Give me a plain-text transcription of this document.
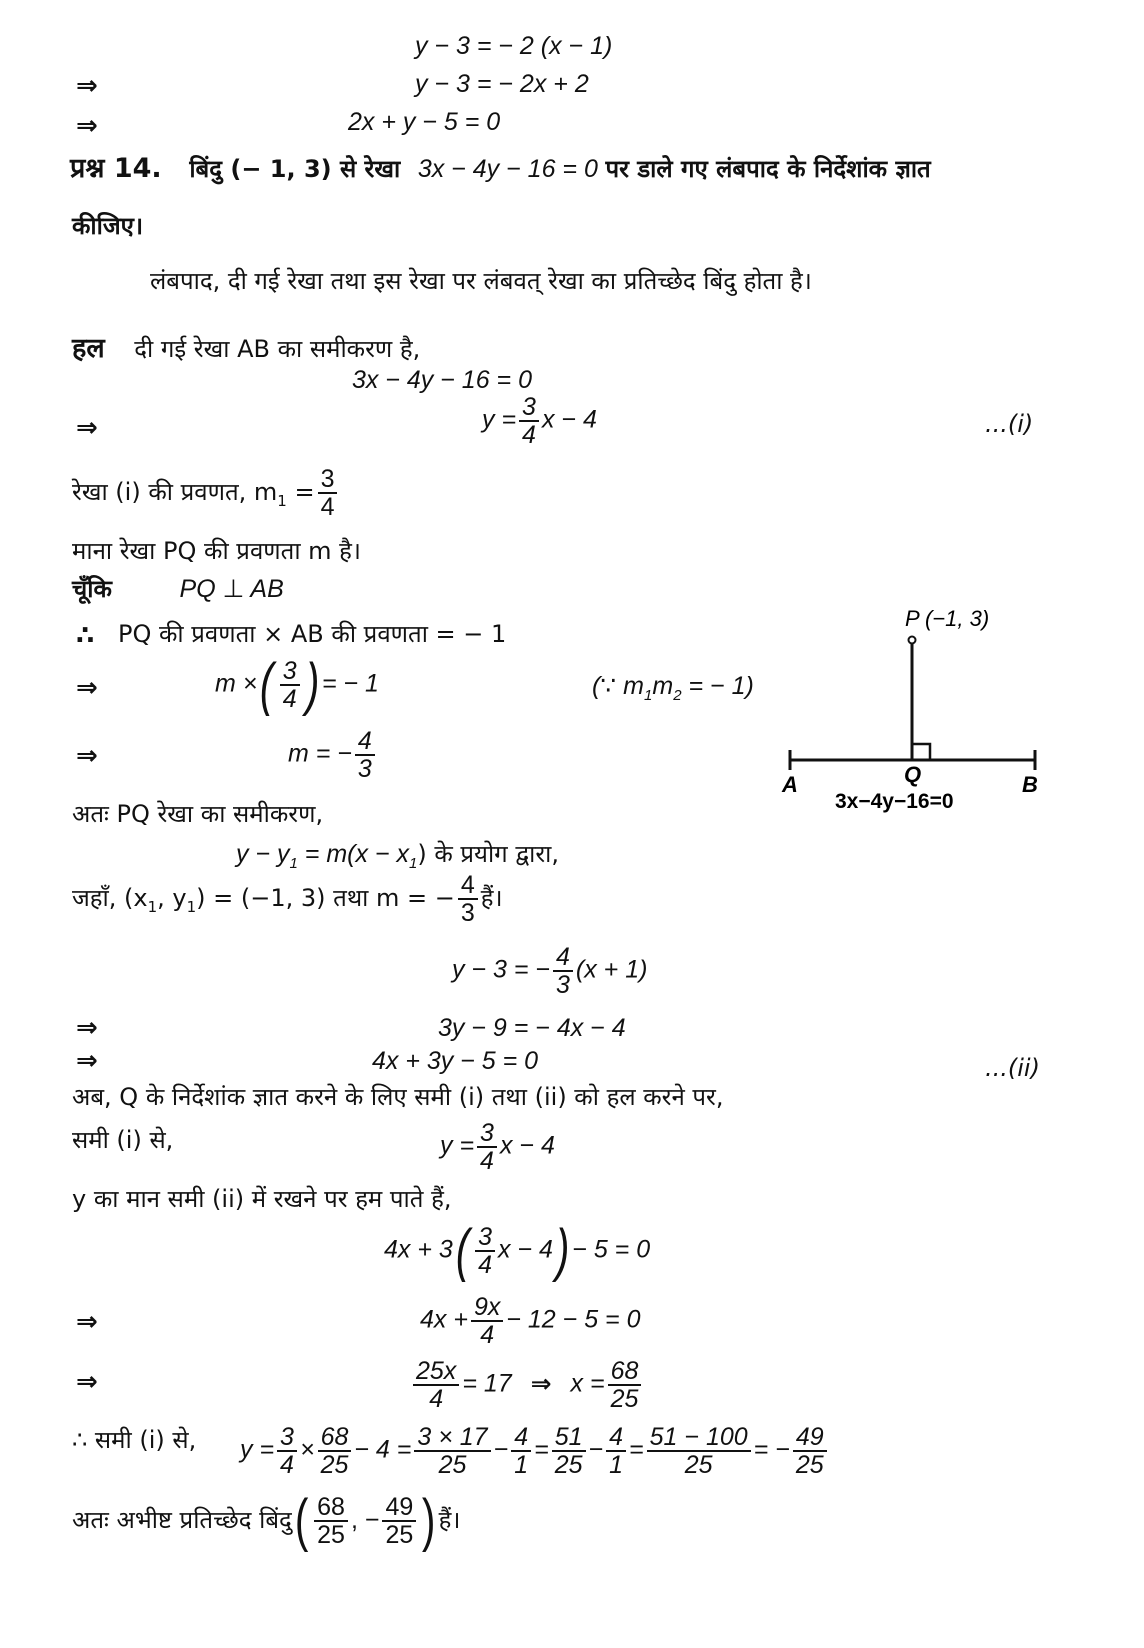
y − 3 = − 2 (x − 1)
⇒	y − 3 = − 2x + 2
⇒	2x + y − 5 = 0
प्रश्न 14. बिंदु (− 1, 3) से रेखा 3x − 4y − 16 = 0 पर डाले गए लंबपाद के निर्देशांक ज्ञात
कीजिए।
लंबपाद, दी गई रेखा तथा इस रेखा पर लंबवत् रेखा का प्रतिच्छेद बिंदु होता है।
हल दी गई रेखा AB का समीकरण है,
3x − 4y − 16 = 0
⇒	$y = \frac{3}{4}$ x − 4	...(i)
रेखा (i) की प्रवणत, $m_1 = \frac{3}{4}$
माना रेखा PQ की प्रवणता m है।
चूँकि	PQ ⊥ AB
∴ PQ की प्रवणता × AB की प्रवणता = − 1
⇒	m ×( $\frac{3}{4}$ ) = − 1	(∵ $m_1m_2$ = − 1)
⇒	m = − $\frac{4}{3}$
अतः PQ रेखा का समीकरण,
$y - y_1 = m(x - x_1)$ के प्रयोग द्वारा,
जहाँ, ($x_1$, $y_1) = (-1$, 3) तथा m = − $\frac{4}{3}$ हैं।
y − 3 = − $\frac{4}{3} (x + 1)$
⇒	3y − 9 = − 4x − 4
⇒	4x + 3y − 5 = 0	...(ii)
अब, Q के निर्देशांक ज्ञात करने के लिए समी (i) तथा (ii) को हल करने पर,
समी (i) से,	$y = \frac{3}{4}$ x − 4
y का मान समी (ii) में रखने पर हम पाते हैं,
$4x + 3( \frac{3}{4}$ x − 4) − 5 = 0
⇒	$4x + \frac{9x}{4} - 12 - 5 = 0$
⇒	$\frac{25x}{4} = 17$ ⇒ $x = \frac{68}{25}$
∴ समी (i) से, $y = \frac{3}{4} \times \frac{68}{25} - 4 = \frac{3 \times 17}{25} - \frac{4}{1} = \frac{51}{25} - \frac{4}{1} = \frac{51 - 100}{25}$ = − $\frac{49}{25}$
अतः अभीष्ट प्रतिच्छेद बिंदु( $\frac{68}{25}$ , − $\frac{49}{25}$ ) हैं।
P (−1, 3)
A	Q	B
3x−4y−16=0
